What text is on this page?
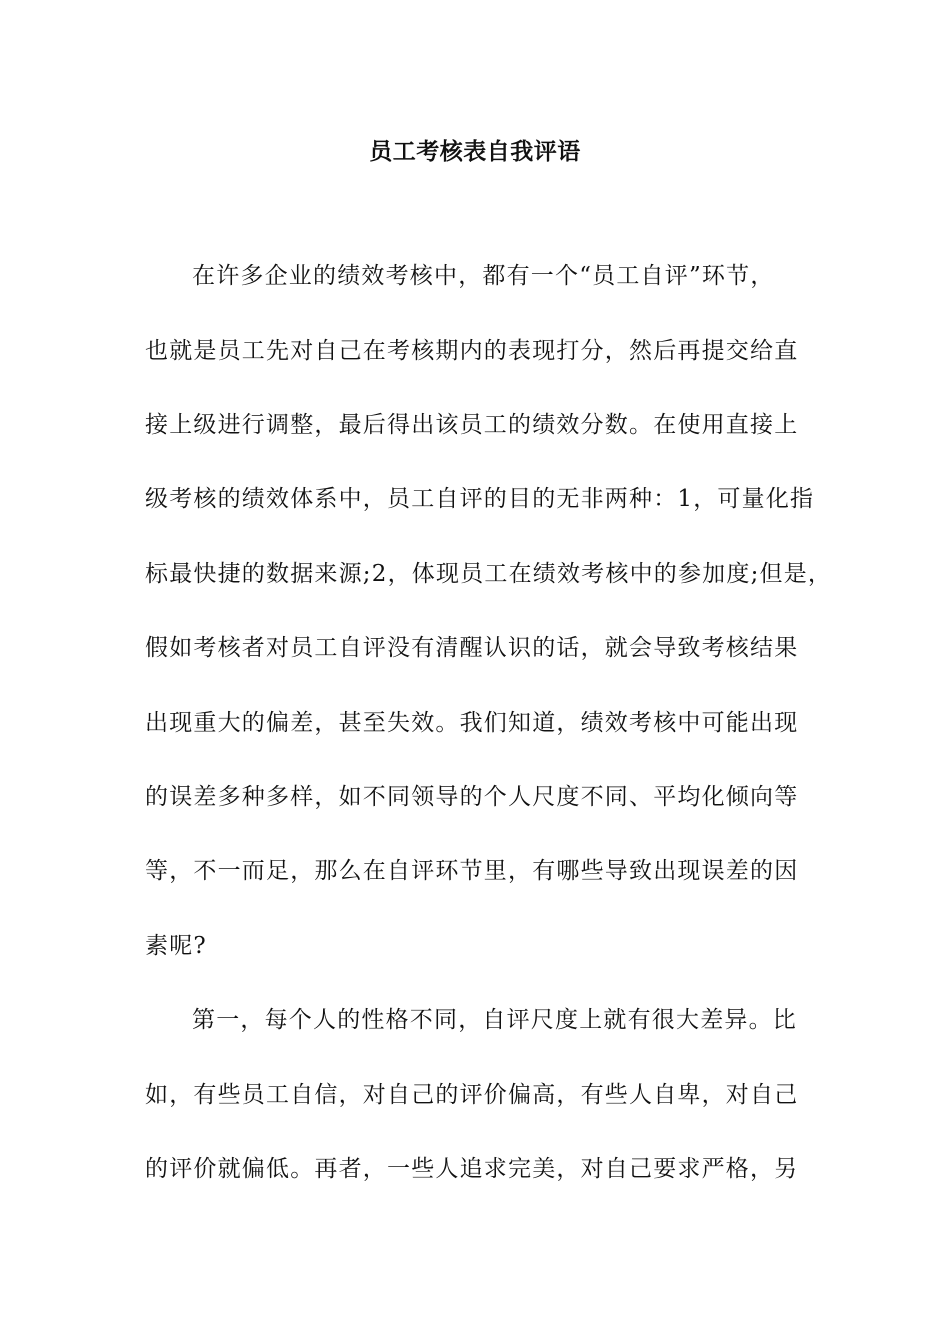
员工考核表自我评语

在许多企业的绩效考核中，都有一个“员工自评”环节，

也就是员工先对自己在考核期内的表现打分，然后再提交给直

接上级进行调整，最后得出该员工的绩效分数。在使用直接上

级考核的绩效体系中，员工自评的目的无非两种：1，可量化指

标最快捷的数据来源;2，体现员工在绩效考核中的参加度;但是，

假如考核者对员工自评没有清醒认识的话，就会导致考核结果

出现重大的偏差，甚至失效。我们知道，绩效考核中可能出现

的误差多种多样，如不同领导的个人尺度不同、平均化倾向等

等，不一而足，那么在自评环节里，有哪些导致出现误差的因

素呢?

第一，每个人的性格不同，自评尺度上就有很大差异。比

如，有些员工自信，对自己的评价偏高，有些人自卑，对自己

的评价就偏低。再者，一些人追求完美，对自己要求严格，另
